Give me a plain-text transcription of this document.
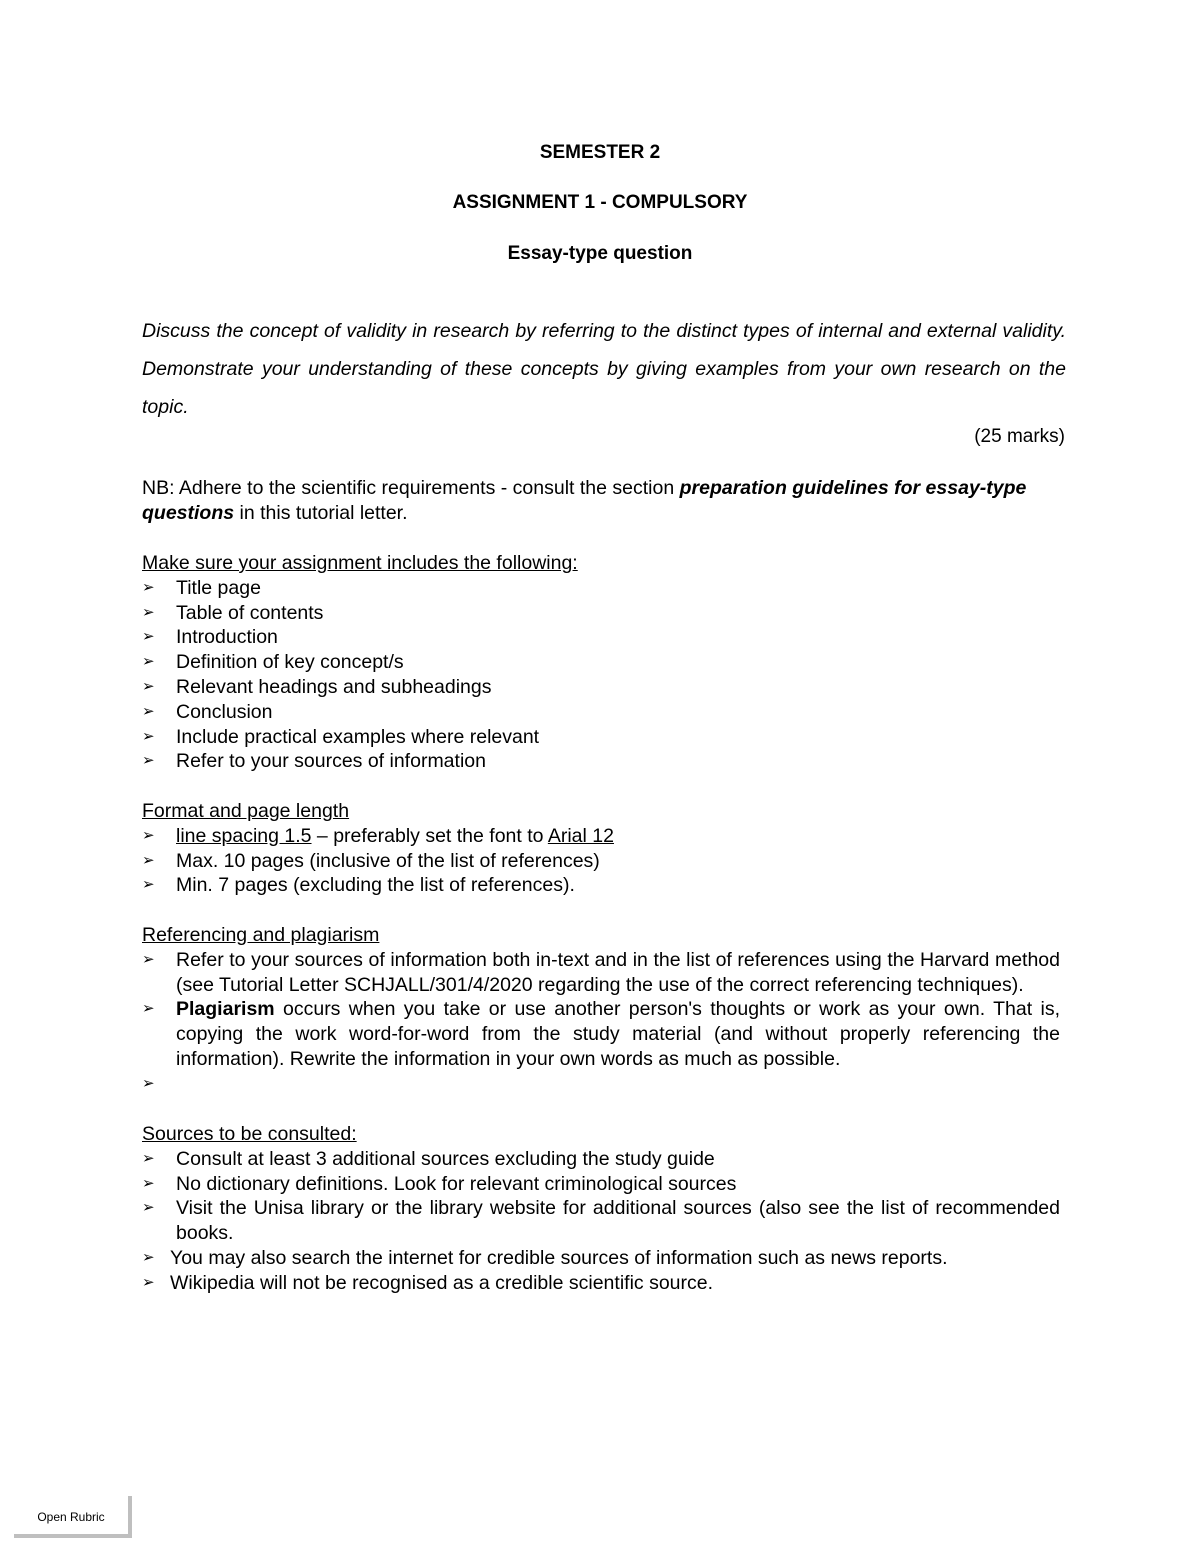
SEMESTER 2

ASSIGNMENT 1 - COMPULSORY

Essay-type question

Discuss the concept of validity in research by referring to the distinct types of internal and external validity. Demonstrate your understanding of these concepts by giving examples from your own research on the topic.

(25 marks)

NB: Adhere to the scientific requirements - consult the section preparation guidelines for essay-type questions in this tutorial letter.

Make sure your assignment includes the following:

➢	Title page
➢	Table of contents
➢	Introduction
➢	Definition of key concept/s
➢	Relevant headings and subheadings
➢	Conclusion
➢	Include practical examples where relevant
➢	Refer to your sources of information

Format and page length

➢	line spacing 1.5 – preferably set the font to Arial 12
➢	Max. 10 pages (inclusive of the list of references)
➢	Min. 7 pages (excluding the list of references).

Referencing and plagiarism

➢	Refer to your sources of information both in-text and in the list of references using the Harvard method (see Tutorial Letter SCHJALL/301/4/2020 regarding the use of the correct referencing techniques).
➢	Plagiarism occurs when you take or use another person's thoughts or work as your own. That is, copying the work word-for-word from the study material (and without properly referencing the information). Rewrite the information in your own words as much as possible.
➢

Sources to be consulted:

➢	Consult at least 3 additional sources excluding the study guide
➢	No dictionary definitions. Look for relevant criminological sources
➢	Visit the Unisa library or the library website for additional sources (also see the list of recommended books.
➢ You may also search the internet for credible sources of information such as news reports.
➢ Wikipedia will not be recognised as a credible scientific source.
Open Rubric
